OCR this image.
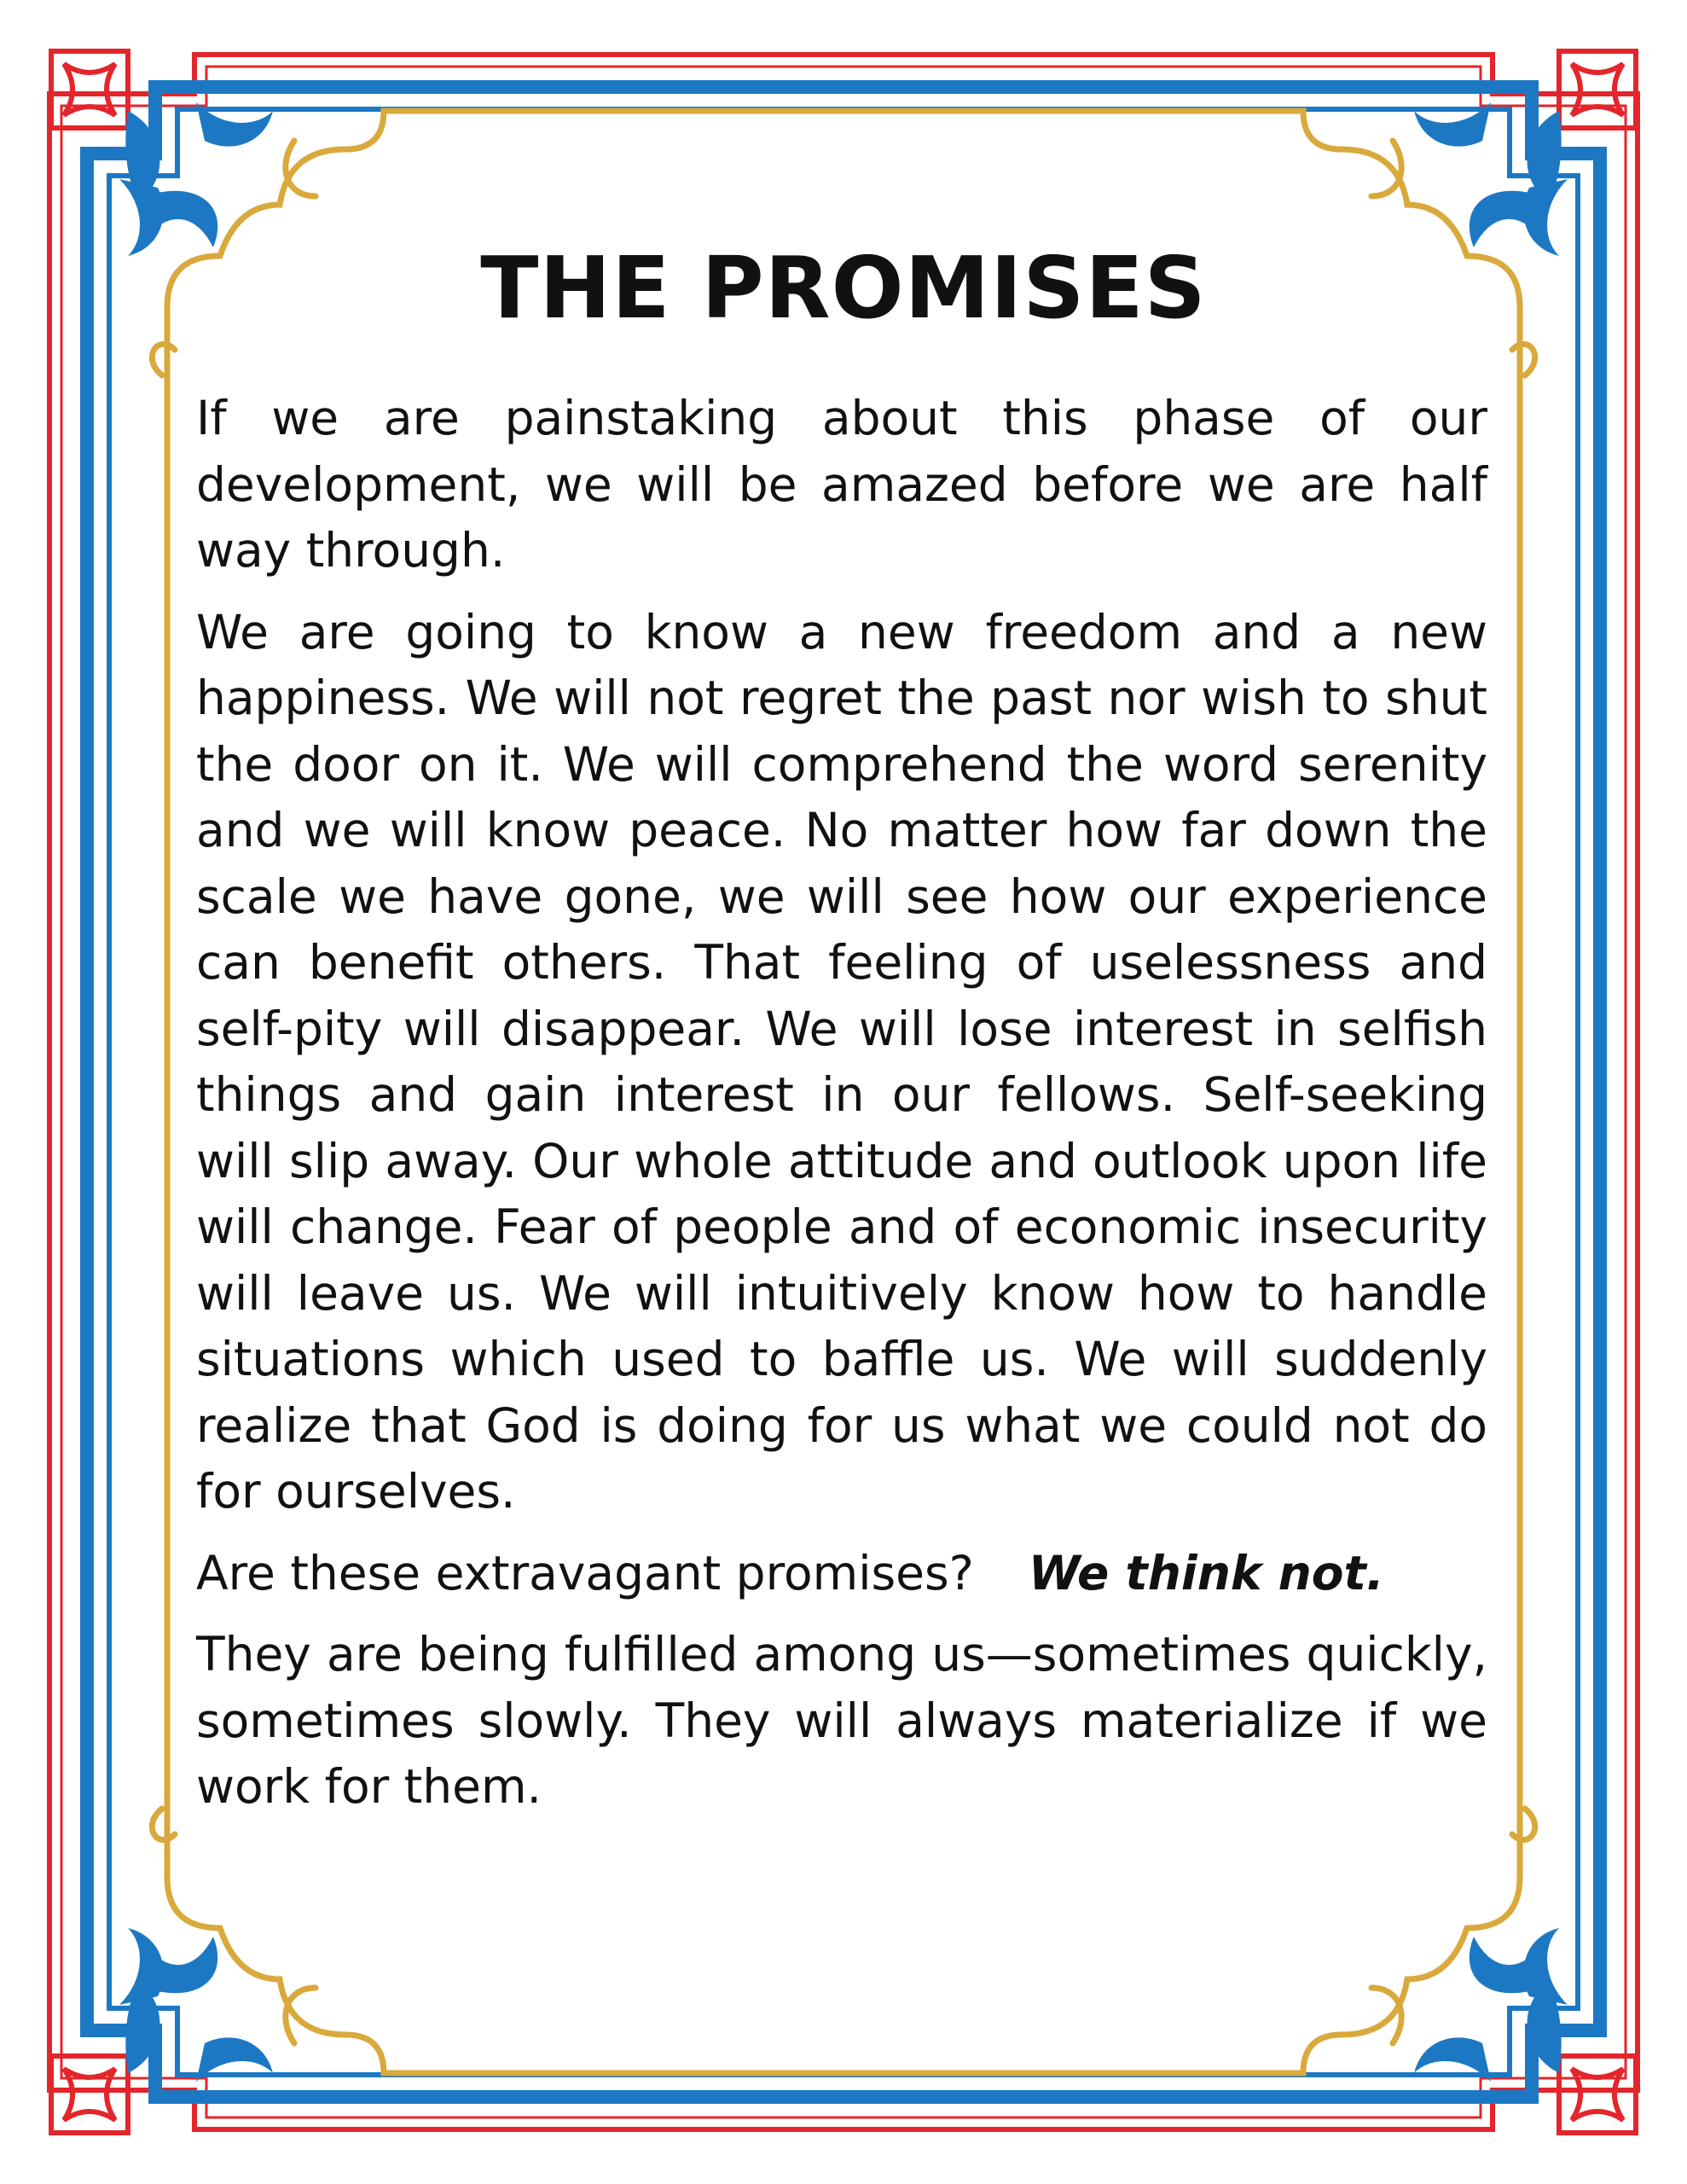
THE PROMISES

If we are painstaking about this phase of our development, we will be amazed before we are half way through.

We are going to know a new freedom and a new happiness. We will not regret the past nor wish to shut the door on it. We will comprehend the word serenity and we will know peace. No matter how far down the scale we have gone, we will see how our experience can benefit others. That feeling of uselessness and self-pity will disappear. We will lose interest in selfish things and gain interest in our fellows. Self-seeking will slip away. Our whole attitude and outlook upon life will change. Fear of people and of economic insecurity will leave us. We will intuitively know how to handle situations which used to baffle us. We will suddenly realize that God is doing for us what we could not do for ourselves.

Are these extravagant promises? We think not.

They are being fulfilled among us—sometimes quickly, sometimes slowly. They will always materialize if we work for them.
